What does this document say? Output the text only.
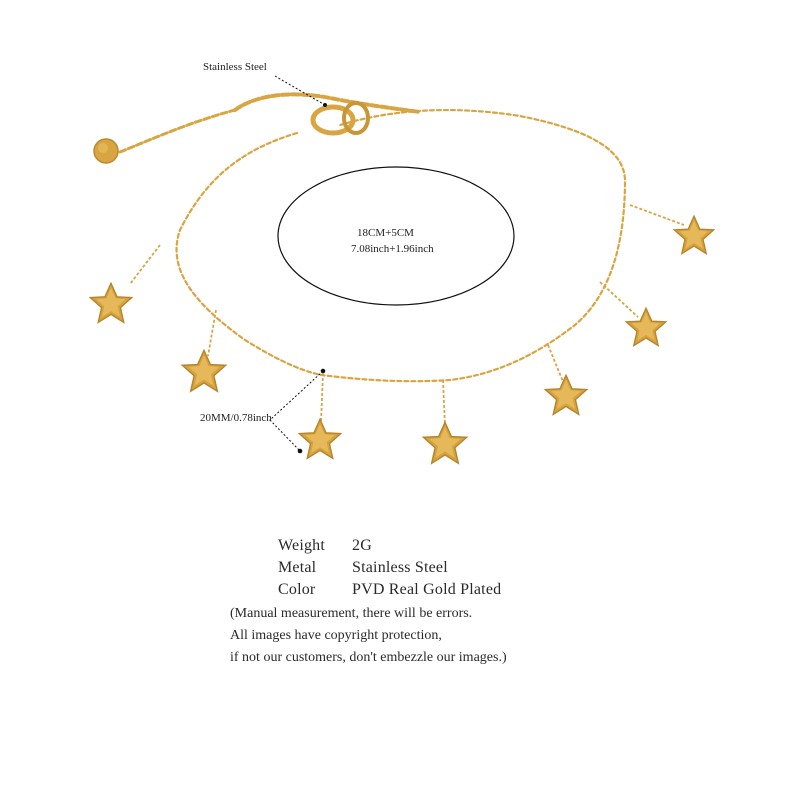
Stainless Steel
18CM+5CM
7.08inch+1.96inch
20MM/0.78inch
Weight	2G
Metal	Stainless Steel
Color	PVD Real Gold Plated
(Manual measurement, there will be errors.
All images have copyright protection,
if not our customers, don't embezzle our images.)
